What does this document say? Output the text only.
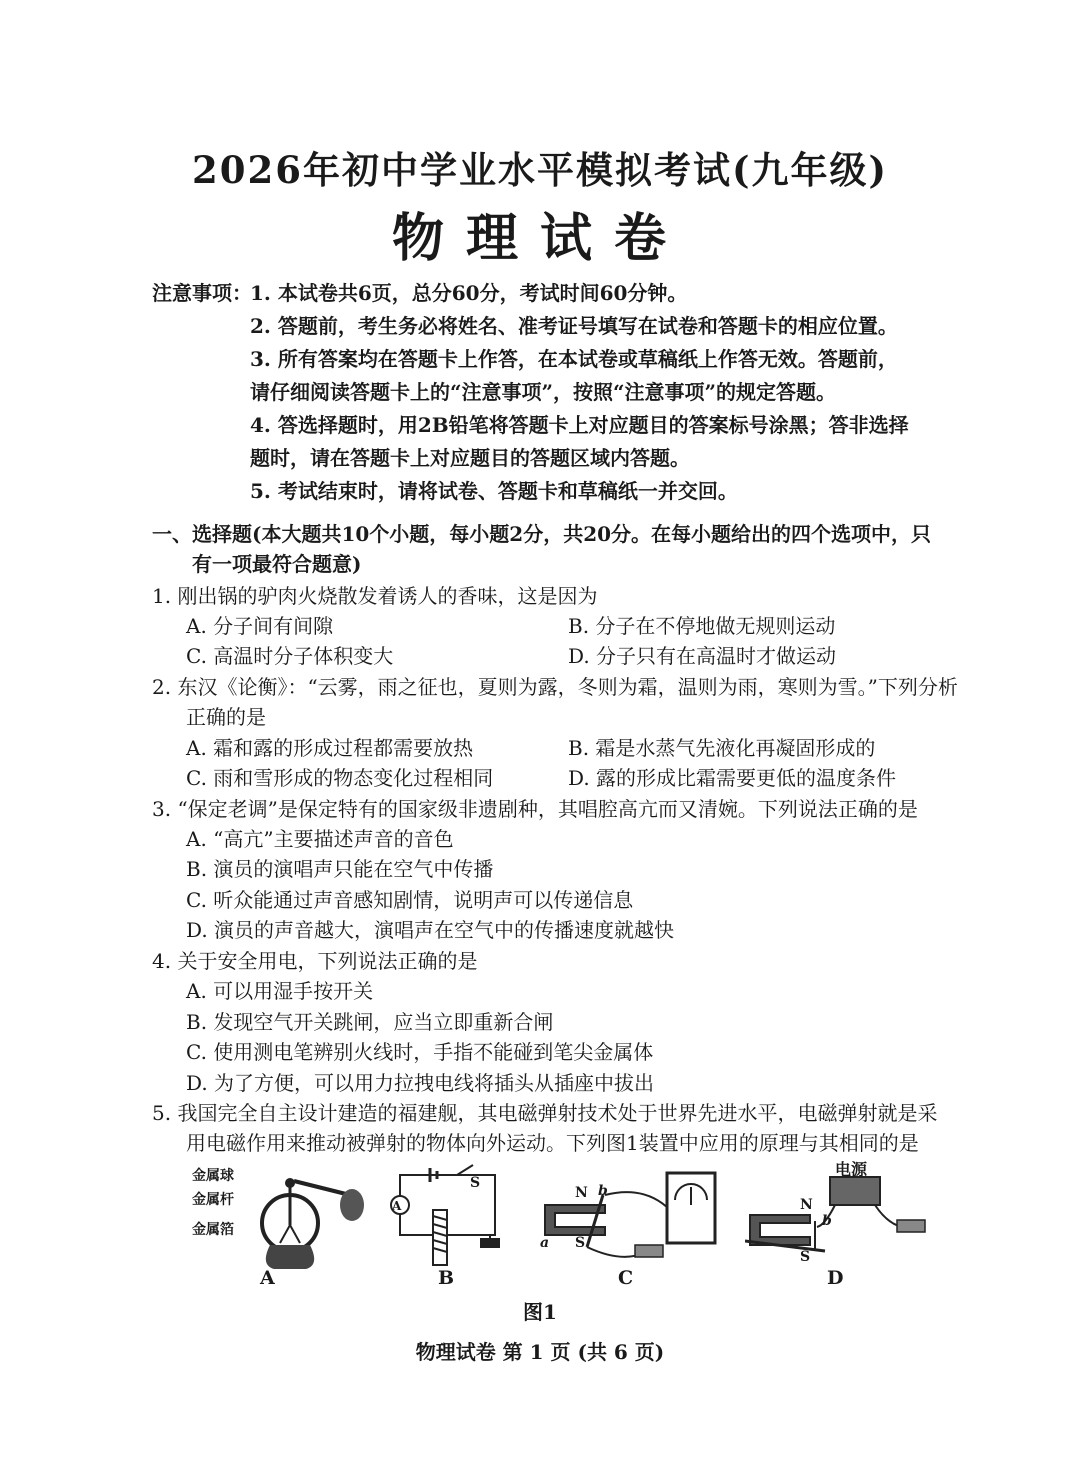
2026年初中学业水平模拟考试(九年级)
物理试卷
注意事项：
1. 本试卷共6页，总分60分，考试时间60分钟。
2. 答题前，考生务必将姓名、准考证号填写在试卷和答题卡的相应位置。
3. 所有答案均在答题卡上作答，在本试卷或草稿纸上作答无效。答题前，
请仔细阅读答题卡上的“注意事项”，按照“注意事项”的规定答题。
4. 答选择题时，用2B铅笔将答题卡上对应题目的答案标号涂黑；答非选择
题时，请在答题卡上对应题目的答题区域内答题。
5. 考试结束时，请将试卷、答题卡和草稿纸一并交回。
一、选择题(本大题共10个小题，每小题2分，共20分。在每小题给出的四个选项中，只
有一项最符合题意)
1. 刚出锅的驴肉火烧散发着诱人的香味，这是因为
A. 分子间有间隙	B. 分子在不停地做无规则运动
C. 高温时分子体积变大	D. 分子只有在高温时才做运动
2. 东汉《论衡》：“云雾，雨之征也，夏则为露，冬则为霜，温则为雨，寒则为雪。”下列分析
正确的是
A. 霜和露的形成过程都需要放热	B. 霜是水蒸气先液化再凝固形成的
C. 雨和雪形成的物态变化过程相同	D. 露的形成比霜需要更低的温度条件
3. “保定老调”是保定特有的国家级非遗剧种，其唱腔高亢而又清婉。下列说法正确的是
A. “高亢”主要描述声音的音色
B. 演员的演唱声只能在空气中传播
C. 听众能通过声音感知剧情，说明声可以传递信息
D. 演员的声音越大，演唱声在空气中的传播速度就越快
4. 关于安全用电，下列说法正确的是
A. 可以用湿手按开关
B. 发现空气开关跳闸，应当立即重新合闸
C. 使用测电笔辨别火线时，手指不能碰到笔尖金属体
D. 为了方便，可以用力拉拽电线将插头从插座中拔出
5. 我国完全自主设计建造的福建舰，其电磁弹射技术处于世界先进水平，电磁弹射就是采
用电磁作用来推动被弹射的物体向外运动。下列图1装置中应用的原理与其相同的是
金属球
金属杆
金属箔
A
S
N b
a S
电源
N
b
S
A	B	C	D
图1
物理试卷 第 1 页 (共 6 页)
